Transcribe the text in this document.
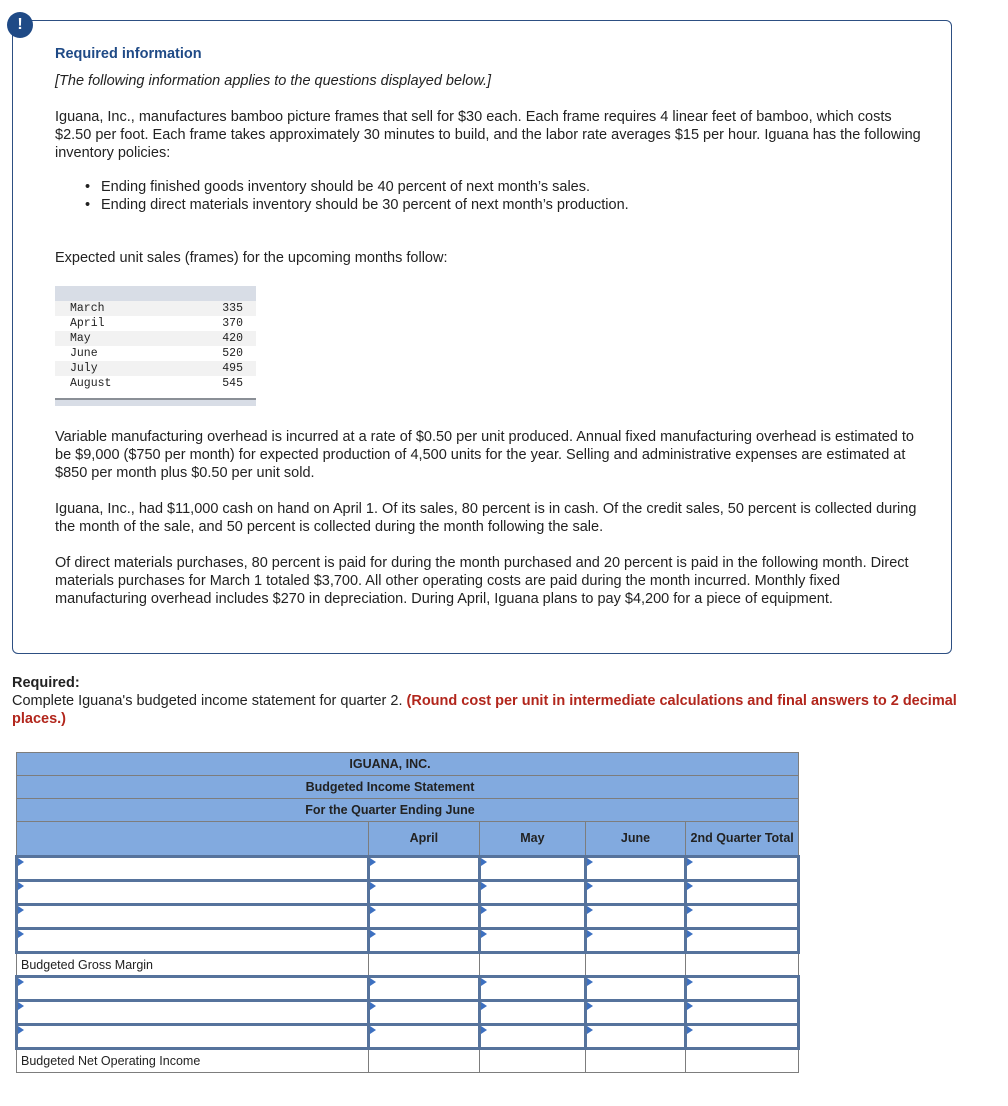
!
Required information
[The following information applies to the questions displayed below.]

Iguana, Inc., manufactures bamboo picture frames that sell for $30 each. Each frame requires 4 linear feet of bamboo, which costs $2.50 per foot. Each frame takes approximately 30 minutes to build, and the labor rate averages $15 per hour. Iguana has the following inventory policies:

• Ending finished goods inventory should be 40 percent of next month’s sales.
• Ending direct materials inventory should be 30 percent of next month’s production.
Expected unit sales (frames) for the upcoming months follow:
March	335
April	370
May	420
June	520
July	495
August	545
Variable manufacturing overhead is incurred at a rate of $0.50 per unit produced. Annual fixed manufacturing overhead is estimated to be $9,000 ($750 per month) for expected production of 4,500 units for the year. Selling and administrative expenses are estimated at $850 per month plus $0.50 per unit sold.
Iguana, Inc., had $11,000 cash on hand on April 1. Of its sales, 80 percent is in cash. Of the credit sales, 50 percent is collected during the month of the sale, and 50 percent is collected during the month following the sale.
Of direct materials purchases, 80 percent is paid for during the month purchased and 20 percent is paid in the following month. Direct materials purchases for March 1 totaled $3,700. All other operating costs are paid during the month incurred. Monthly fixed manufacturing overhead includes $270 in depreciation. During April, Iguana plans to pay $4,200 for a piece of equipment.
Required:
Complete Iguana's budgeted income statement for quarter 2. (Round cost per unit in intermediate calculations and final answers to 2 decimal places.)
IGUANA, INC.				
Budgeted Income Statement				
For the Quarter Ending June				
	April	May	June	2nd Quarter Total

Budgeted Gross Margin				

Budgeted Net Operating Income				
